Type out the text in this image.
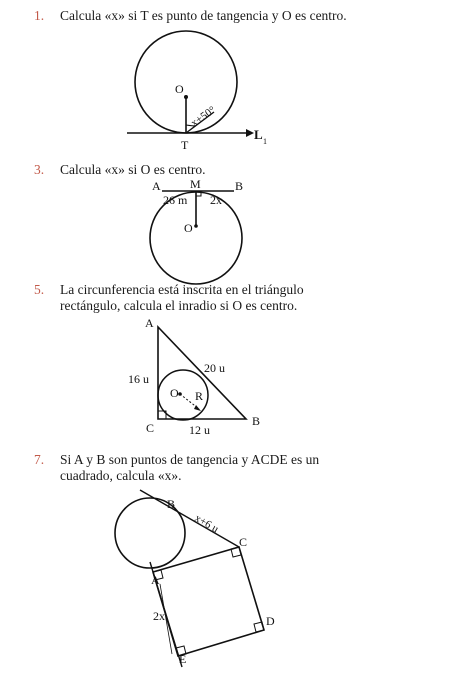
1. Calcula «x» si T es punto de tangencia y O es centro.
O
T
x+50°
L 1
3. Calcula «x» si O es centro.
A M	B
26 m 2x
O
5. La circunferencia está inscrita en el triángulo rectángulo, calcula el inradio si O es centro.
A
B
C
16 u
20 u
12 u
O R
7. Si A y B son puntos de tangencia y ACDE es un cuadrado, calcula «x».
B
C
D
E
A
x+6 u
2x
